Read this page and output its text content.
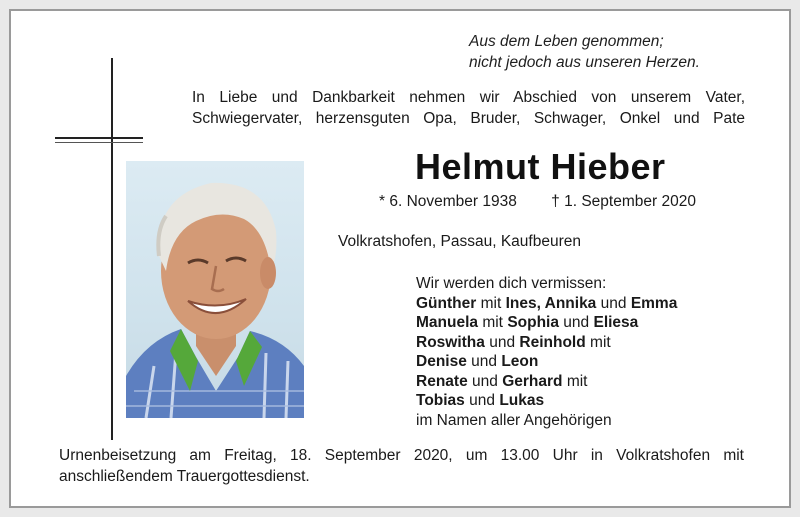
Aus dem Leben genommen;
nicht jedoch aus unseren Herzen.
In Liebe und Dankbarkeit nehmen wir Abschied von unserem Vater,
Schwiegervater, herzensguten Opa, Bruder, Schwager, Onkel und Pate
Helmut Hieber
* 6. November 1938 † 1. September 2020
Volkratshofen, Passau, Kaufbeuren
Wir werden dich vermissen:
Günther mit Ines, Annika und Emma
Manuela mit Sophia und Eliesa
Roswitha und Reinhold mit
Denise und Leon
Renate und Gerhard mit
Tobias und Lukas
im Namen aller Angehörigen
Urnenbeisetzung am Freitag, 18. September 2020, um 13.00 Uhr in Volkratshofen mit
anschließendem Trauergottesdienst.
